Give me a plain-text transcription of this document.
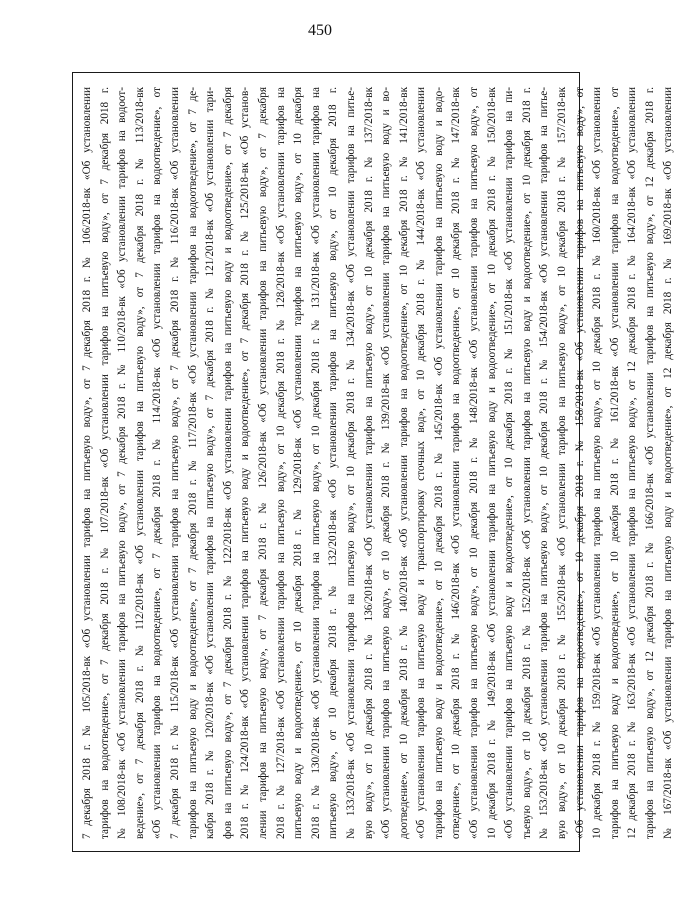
450
7 декабря 2018 г. № 105/2018-вк «Об установлении тарифов на питьевую воду», от 7 декабря 2018 г. № 106/2018-вк «Об установлении тарифов на водоотведение», от 7 декабря 2018 г. № 107/2018-вк «Об установлении тарифов на питьевую воду», от 7 декабря 2018 г. № 108/2018-вк «Об установлении тарифов на питьевую воду», от 7 декабря 2018 г. № 110/2018-вк «Об установлении тарифов на водоот- ведение», от 7 декабря 2018 г. № 112/2018-вк «Об установлении тарифов на питьевую воду», от 7 декабря 2018 г. № 113/2018-вк «Об установлении тарифов на водоотведение», от 7 декабря 2018 г. № 114/2018-вк «Об установлении тарифов на водоотведение», от 7 декабря 2018 г. № 115/2018-вк «Об установлении тарифов на питьевую воду», от 7 декабря 2018 г. № 116/2018-вк «Об установлении тарифов на питьевую воду и водоотведение», от 7 декабря 2018 г. № 117/2018-вк «Об установлении тарифов на водоотведение», от 7 де- кабря 2018 г. № 120/2018-вк «Об установлении тарифов на питьевую воду», от 7 декабря 2018 г. № 121/2018-вк «Об установлении тари- фов на питьевую воду», от 7 декабря 2018 г. № 122/2018-вк «Об установлении тарифов на питьевую воду и водоотведение», от 7 декабря 2018 г. № 124/2018-вк «Об установлении тарифов на питьевую воду и водоотведение», от 7 декабря 2018 г. № 125/2018-вк «Об установ- лении тарифов на питьевую воду», от 7 декабря 2018 г. № 126/2018-вк «Об установлении тарифов на питьевую воду», от 7 декабря 2018 г. № 127/2018-вк «Об установлении тарифов на питьевую воду», от 10 декабря 2018 г. № 128/2018-вк «Об установлении тарифов на питьевую воду и водоотведение», от 10 декабря 2018 г. № 129/2018-вк «Об установлении тарифов на питьевую воду», от 10 декабря 2018 г. № 130/2018-вк «Об установлении тарифов на питьевую воду», от 10 декабря 2018 г. № 131/2018-вк «Об установлении тарифов на питьевую воду», от 10 декабря 2018 г. № 132/2018-вк «Об установлении тарифов на питьевую воду», от 10 декабря 2018 г. № 133/2018-вк «Об установлении тарифов на питьевую воду», от 10 декабря 2018 г. № 134/2018-вк «Об установлении тарифов на питье- вую воду», от 10 декабря 2018 г. № 136/2018-вк «Об установлении тарифов на питьевую воду», от 10 декабря 2018 г. № 137/2018-вк «Об установлении тарифов на питьевую воду», от 10 декабря 2018 г. № 139/2018-вк «Об установлении тарифов на питьевую воду и во- доотведение», от 10 декабря 2018 г. № 140/2018-вк «Об установлении тарифов на водоотведение», от 10 декабря 2018 г. № 141/2018-вк «Об установлении тарифов на питьевую воду и транспортировку сточных вод», от 10 декабря 2018 г. № 144/2018-вк «Об установлении тарифов на питьевую воду и водоотведение», от 10 декабря 2018 г. № 145/2018-вк «Об установлении тарифов на питьевую воду и водо- отведение», от 10 декабря 2018 г. № 146/2018-вк «Об установлении тарифов на водоотведение», от 10 декабря 2018 г. № 147/2018-вк «Об установлении тарифов на питьевую воду», от 10 декабря 2018 г. № 148/2018-вк «Об установлении тарифов на питьевую воду», от 10 декабря 2018 г. № 149/2018-вк «Об установлении тарифов на питьевую воду и водоотведение», от 10 декабря 2018 г. № 150/2018-вк «Об установлении тарифов на питьевую воду и водоотведение», от 10 декабря 2018 г. № 151/2018-вк «Об установлении тарифов на пи- тьевую воду», от 10 декабря 2018 г. № 152/2018-вк «Об установлении тарифов на питьевую воду и водоотведение», от 10 декабря 2018 г. № 153/2018-вк «Об установлении тарифов на питьевую воду», от 10 декабря 2018 г. № 154/2018-вк «Об установлении тарифов на питье- вую воду», от 10 декабря 2018 г. № 155/2018-вк «Об установлении тарифов на питьевую воду», от 10 декабря 2018 г. № 157/2018-вк «Об установлении тарифов на водоотведение», от 10 декабря 2018 г. № 158/2018-вк «Об установлении тарифов на питьевую воду», от 10 декабря 2018 г. № 159/2018-вк «Об установлении тарифов на питьевую воду», от 10 декабря 2018 г. № 160/2018-вк «Об установлении тарифов на питьевую воду и водоотведение», от 10 декабря 2018 г. № 161/2018-вк «Об установлении тарифов на водоотведение», от 12 декабря 2018 г. № 163/2018-вк «Об установлении тарифов на питьевую воду», от 12 декабря 2018 г. № 164/2018-вк «Об установлении тарифов на питьевую воду», от 12 декабря 2018 г. № 166/2018-вк «Об установлении тарифов на питьевую воду», от 12 декабря 2018 г. № 167/2018-вк «Об установлении тарифов на питьевую воду и водоотведение», от 12 декабря 2018 г. № 169/2018-вк «Об установлении
